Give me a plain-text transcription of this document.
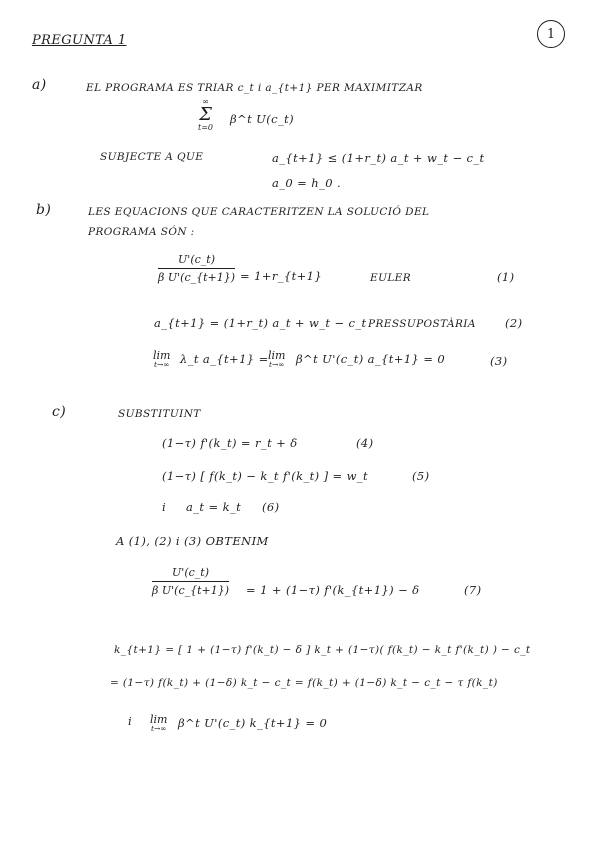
PREGUNTA 1	1
a)	EL PROGRAMA ES TRIAR c_t i a_{t+1} PER MAXIMITZAR
∞
Σ
t=0
β^t U(c_t)
SUBJECTE A QUE	a_{t+1} ≤ (1+r_t) a_t + w_t − c_t
a_0 = h_0 .
b)	LES EQUACIONS QUE CARACTERITZEN LA SOLUCIÓ DEL
PROGRAMA SÓN :
U'(c_t)
β U'(c_{t+1}) = 1+r_{t+1}	EULER	(1)
a_{t+1} = (1+r_t) a_t + w_t − c_t PRESSUPOSTÀRIA	(2)
lim
t→∞ λ_t a_{t+1} = lim
t→∞ β^t U'(c_t) a_{t+1} = 0	(3)
c)	SUBSTITUINT
(1−τ) f'(k_t) = r_t + δ	(4)
(1−τ) [ f(k_t) − k_t f'(k_t) ] = w_t	(5)
i a_t = k_t (6)
A (1), (2) i (3) OBTENIM
U'(c_t)
β U'(c_{t+1}) = 1 + (1−τ) f'(k_{t+1}) − δ	(7)
k_{t+1} = [ 1 + (1−τ) f'(k_t) − δ ] k_t + (1−τ)( f(k_t) − k_t f'(k_t) ) − c_t
= (1−τ) f(k_t) + (1−δ) k_t − c_t = f(k_t) + (1−δ) k_t − c_t − τ f(k_t)
i lim
t→∞ β^t U'(c_t) k_{t+1} = 0
